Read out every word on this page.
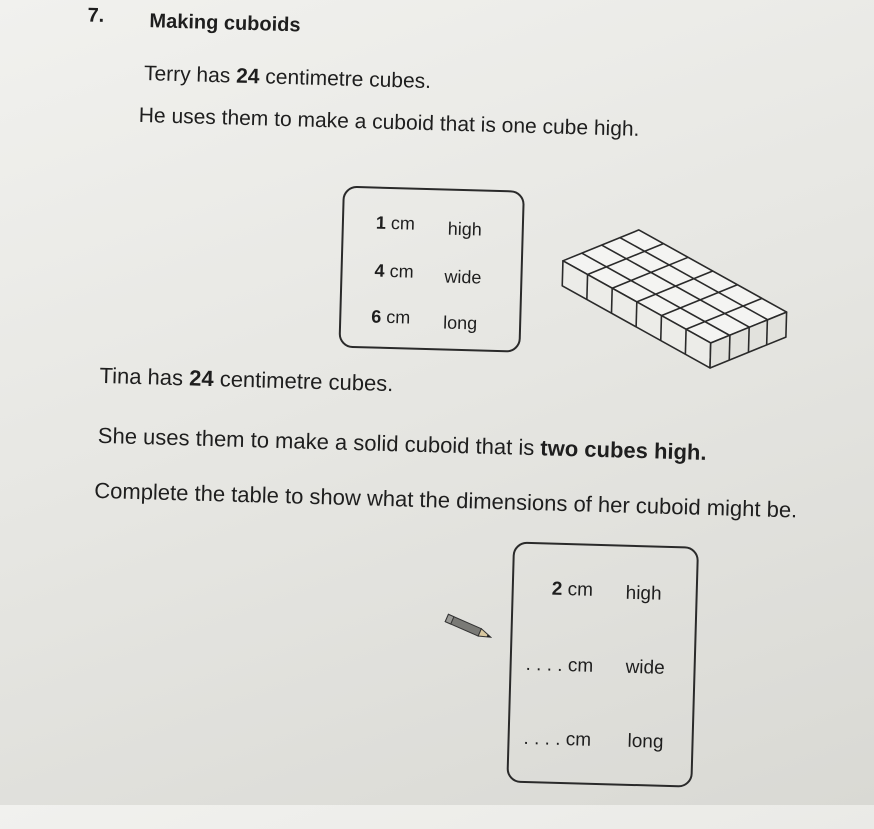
7. Making cuboids
Terry has 24 centimetre cubes.
He uses them to make a cuboid that is one cube high.
1 cm high
4 cm wide
6 cm long
Tina has 24 centimetre cubes.
She uses them to make a solid cuboid that is two cubes high.
Complete the table to show what the dimensions of her cuboid might be.
2 cm high
. . . . cm wide
. . . . cm long
